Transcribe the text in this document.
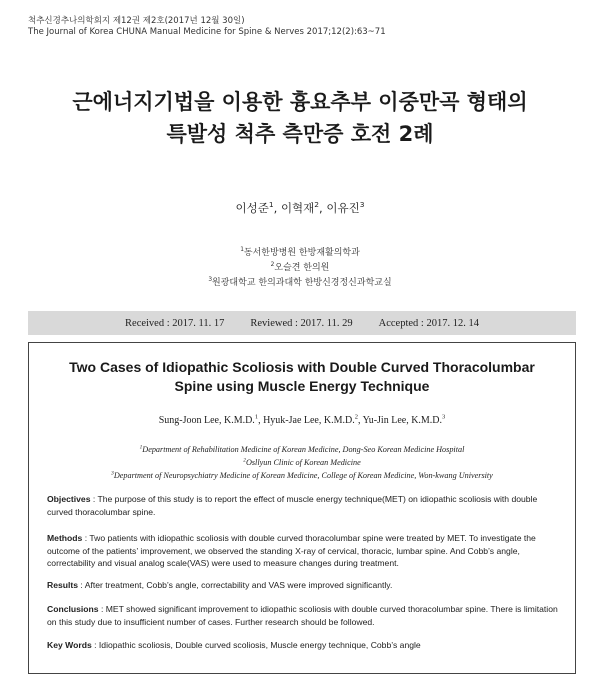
척추신경추나의학회지 제12권 제2호(2017년 12월 30일)
The Journal of Korea CHUNA Manual Medicine for Spine & Nerves 2017;12(2):63~71
근에너지기법을 이용한 흉요추부 이중만곡 형태의
특발성 척추 측만증 호전 2례
이성준$^1$, 이혁재$^2$, 이유진$^3$
$^1$동서한방병원 한방재활의학과
$^2$오슬견 한의원
$^3$원광대학교 한의과대학 한방신경정신과학교실
Received : 2017. 11. 17 Reviewed : 2017. 11. 29 Accepted : 2017. 12. 14
Two Cases of Idiopathic Scoliosis with Double Curved Thoracolumbar
Spine using Muscle Energy Technique
Sung-Joon Lee, K.M.D.$^1$, Hyuk-Jae Lee, K.M.D.$^2$, Yu-Jin Lee, K.M.D.$^3$
$^1$Department of Rehabilitation Medicine of Korean Medicine, Dong-Seo Korean Medicine Hospital
$^2$Osllyun Clinic of Korean Medicine
$^3$Department of Neuropsychiatry Medicine of Korean Medicine, College of Korean Medicine, Won-kwang University
Objectives : The purpose of this study is to report the effect of muscle energy technique(MET) on idiopathic scoliosis with double curved thoracolumbar spine.
Methods : Two patients with idiopathic scoliosis with double curved thoracolumbar spine were treated by MET. To investigate the outcome of the patients’ improvement, we observed the standing X-ray of cervical, thoracic, lumbar spine. And Cobb’s angle, correctability and visual analog scale(VAS) were used to measure changes during treatment.
Results : After treatment, Cobb’s angle, correctability and VAS were improved significantly.
Conclusions : MET showed significant improvement to idiopathic scoliosis with double curved thoracolumbar spine. There is limitation on this study due to insufficient number of cases. Further research should be followed.
Key Words : Idiopathic scoliosis, Double curved scoliosis, Muscle energy technique, Cobb’s angle
